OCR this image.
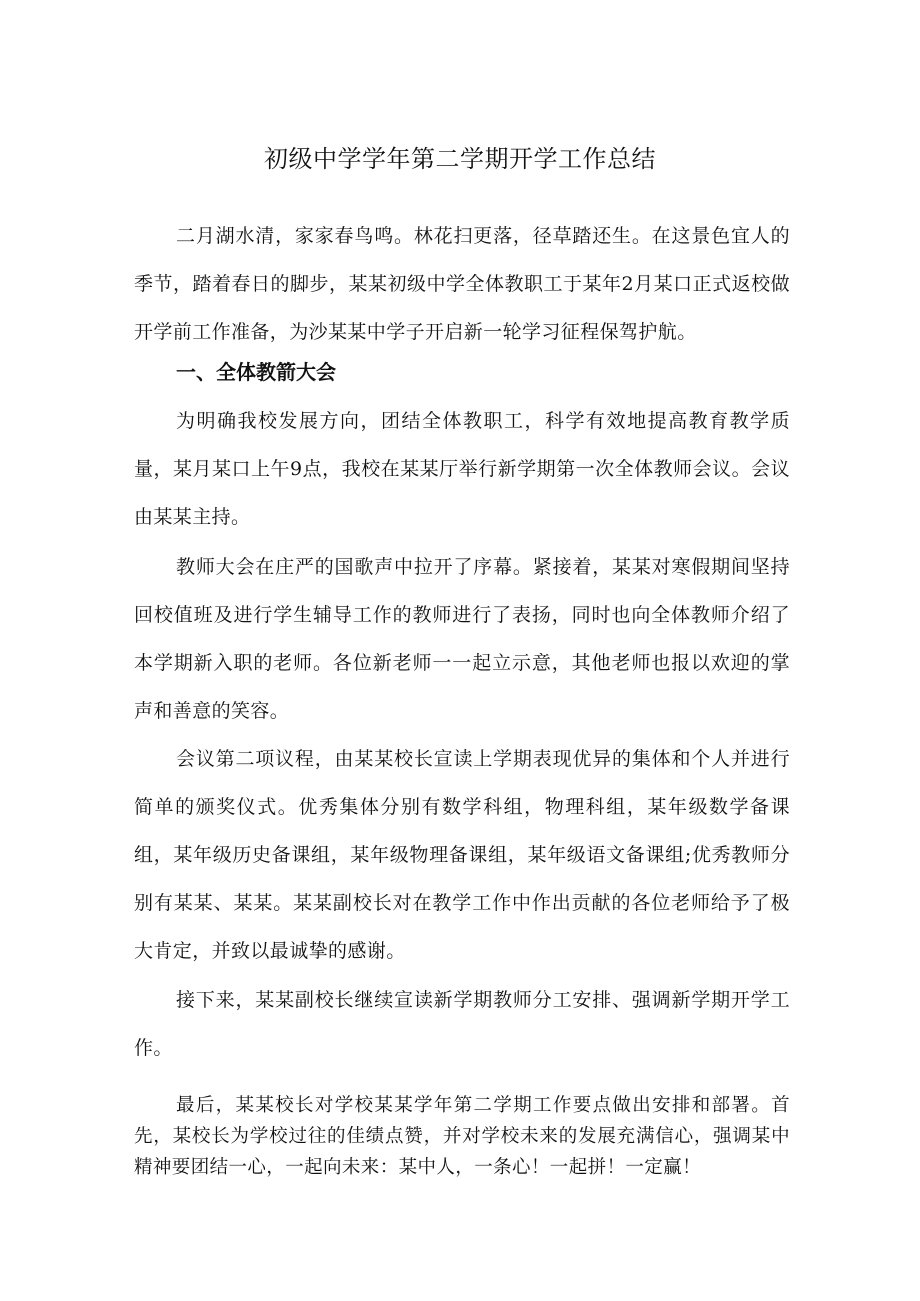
初级中学学年第二学期开学工作总结

二月湖水清，家家春鸟鸣。林花扫更落，径草踏还生。在这景色宜人的季节，踏着春日的脚步，某某初级中学全体教职工于某年2月某口正式返校做开学前工作准备，为沙某某中学子开启新一轮学习征程保驾护航。

一、全体教箭大会

为明确我校发展方向，团结全体教职工，科学有效地提高教育教学质量，某月某口上午9点，我校在某某厅举行新学期第一次全体教师会议。会议由某某主持。

教师大会在庄严的国歌声中拉开了序幕。紧接着，某某对寒假期间坚持回校值班及进行学生辅导工作的教师进行了表扬，同时也向全体教师介绍了本学期新入职的老师。各位新老师一一起立示意，其他老师也报以欢迎的掌声和善意的笑容。

会议第二项议程，由某某校长宣读上学期表现优异的集体和个人并进行简单的颁奖仪式。优秀集体分别有数学科组，物理科组，某年级数学备课组，某年级历史备课组，某年级物理备课组，某年级语文备课组;优秀教师分别有某某、某某。某某副校长对在教学工作中作出贡献的各位老师给予了极大肯定，并致以最诚挚的感谢。

接下来，某某副校长继续宣读新学期教师分工安排、强调新学期开学工作。

最后，某某校长对学校某某学年第二学期工作要点做出安排和部署。首先，某校长为学校过往的佳绩点赞，并对学校未来的发展充满信心，强调某中精神要团结一心，一起向未来：某中人，一条心！一起拼！一定赢！
